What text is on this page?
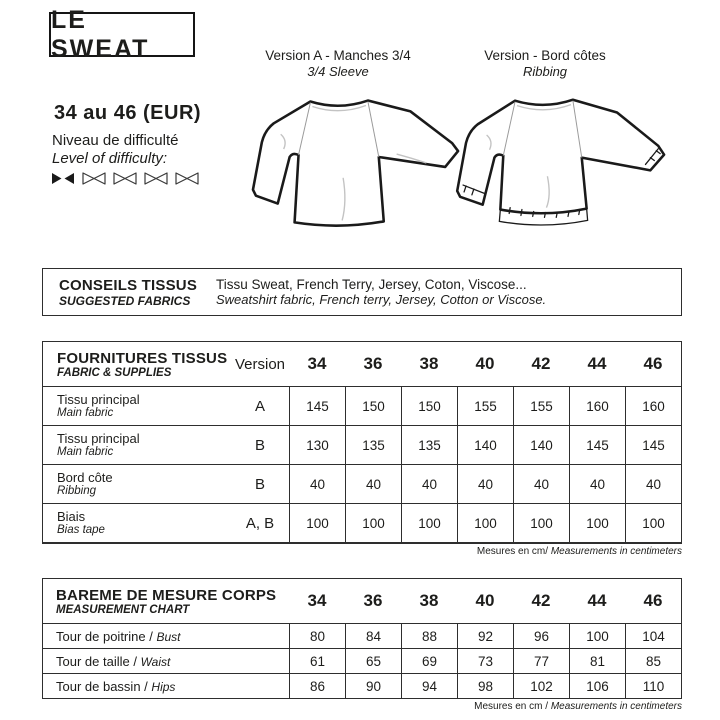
LE SWEAT
34 au 46 (EUR)
Niveau de difficulté
Level of difficulty:
Version A - Manches 3/4
3/4 Sleeve
Version - Bord côtes
Ribbing
CONSEILS TISSUS
SUGGESTED FABRICS
Tissu Sweat, French Terry, Jersey, Coton, Viscose...
Sweatshirt fabric, French terry, Jersey, Cotton or Viscose.
FOURNITURES TISSUS
FABRIC & SUPPLIES	Version	34	36	38	40	42	44	46
Tissu principal
Main fabric	A	145	150	150	155	155	160	160
Tissu principal
Main fabric	B	130	135	135	140	140	145	145
Bord côte
Ribbing	B	40	40	40	40	40	40	40
Biais
Bias tape	A, B	100	100	100	100	100	100	100
Mesures en cm/ Measurements in centimeters
BAREME DE MESURE CORPS
MEASUREMENT CHART	34	36	38	40	42	44	46
Tour de poitrine / Bust	80	84	88	92	96	100	104
Tour de taille / Waist	61	65	69	73	77	81	85
Tour de bassin / Hips	86	90	94	98	102	106	110
Mesures en cm / Measurements in centimeters
